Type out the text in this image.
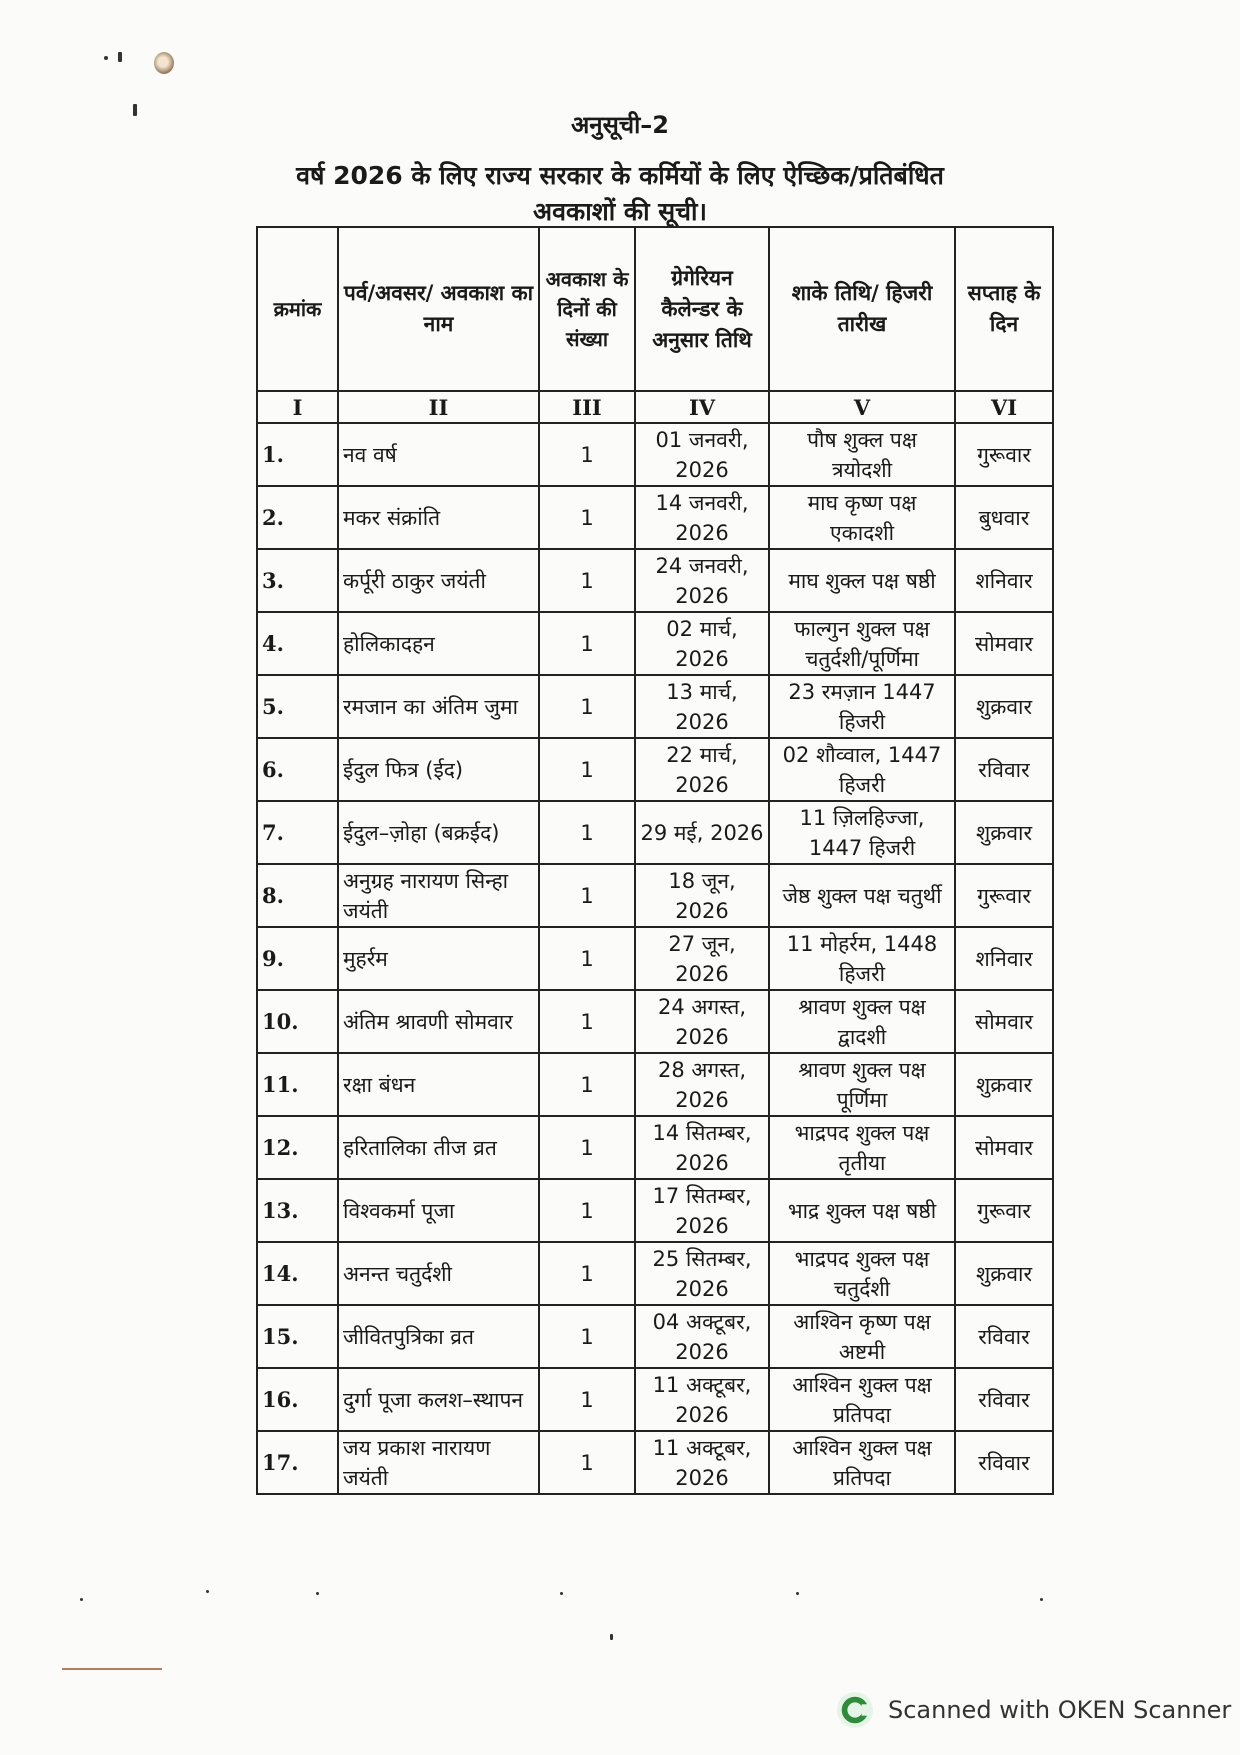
अनुसूची–2
वर्ष 2026 के लिए राज्य सरकार के कर्मियों के लिए ऐच्छिक/प्रतिबंधित
अवकाशों की सूची।
क्रमांक	पर्व/अवसर/ अवकाश का नाम	अवकाश के दिनों की संख्या	ग्रेगेरियन कैलेन्डर के अनुसार तिथि	शाके तिथि/ हिजरी तारीख	सप्ताह के दिन
I	II	III	IV	V	VI
1.	नव वर्ष	1	01 जनवरी, 2026	पौष शुक्ल पक्ष त्रयोदशी	गुरूवार
2.	मकर संक्रांति	1	14 जनवरी, 2026	माघ कृष्ण पक्ष एकादशी	बुधवार
3.	कर्पूरी ठाकुर जयंती	1	24 जनवरी, 2026	माघ शुक्ल पक्ष षष्ठी	शनिवार
4.	होलिकादहन	1	02 मार्च, 2026	फाल्गुन शुक्ल पक्ष चतुर्दशी/पूर्णिमा	सोमवार
5.	रमजान का अंतिम जुमा	1	13 मार्च, 2026	23 रमज़ान 1447 हिजरी	शुक्रवार
6.	ईदुल फित्र (ईद)	1	22 मार्च, 2026	02 शौव्वाल, 1447 हिजरी	रविवार
7.	ईदुल–ज़ोहा (बक्रईद)	1	29 मई, 2026	11 ज़िलहिज्जा, 1447 हिजरी	शुक्रवार
8.	अनुग्रह नारायण सिन्हा जयंती	1	18 जून, 2026	जेष्ठ शुक्ल पक्ष चतुर्थी	गुरूवार
9.	मुहर्रम	1	27 जून, 2026	11 मोहर्रम, 1448 हिजरी	शनिवार
10.	अंतिम श्रावणी सोमवार	1	24 अगस्त, 2026	श्रावण शुक्ल पक्ष द्वादशी	सोमवार
11.	रक्षा बंधन	1	28 अगस्त, 2026	श्रावण शुक्ल पक्ष पूर्णिमा	शुक्रवार
12.	हरितालिका तीज व्रत	1	14 सितम्बर, 2026	भाद्रपद शुक्ल पक्ष तृतीया	सोमवार
13.	विश्वकर्मा पूजा	1	17 सितम्बर, 2026	भाद्र शुक्ल पक्ष षष्ठी	गुरूवार
14.	अनन्त चतुर्दशी	1	25 सितम्बर, 2026	भाद्रपद शुक्ल पक्ष चतुर्दशी	शुक्रवार
15.	जीवितपुत्रिका व्रत	1	04 अक्टूबर, 2026	आश्विन कृष्ण पक्ष अष्टमी	रविवार
16.	दुर्गा पूजा कलश–स्थापन	1	11 अक्टूबर, 2026	आश्विन शुक्ल पक्ष प्रतिपदा	रविवार
17.	जय प्रकाश नारायण जयंती	1	11 अक्टूबर, 2026	आश्विन शुक्ल पक्ष प्रतिपदा	रविवार
Scanned with OKEN Scanner
